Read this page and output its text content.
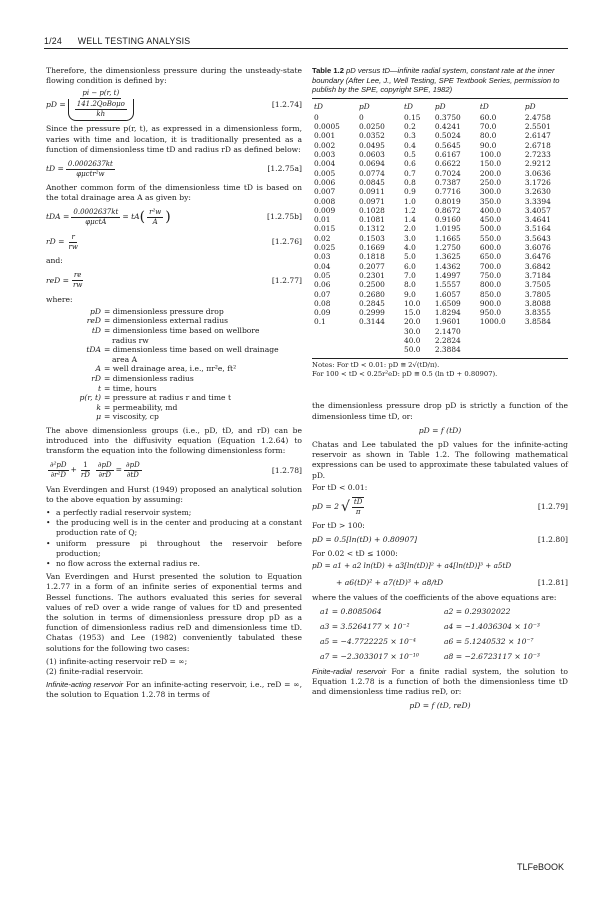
1/24 WELL TESTING ANALYSIS

Therefore, the dimensionless pressure during the unsteady-state flowing condition is defined by:

pD = $\frac{pi - p(r, t)}{\frac{\text{141.2QoBoμo}}{kh}}$	[1.2.74]

Since the pressure p(r, t), as expressed in a dimensionless form, varies with time and location, it is traditionally presented as a function of dimensionless time tD and radius rD as defined below:

tD = $\frac{0.0002637kt}{\text{φμctr²w}}$	[1.2.75a]

Another common form of the dimensionless time tD is based on the total drainage area A as given by:

tDA = $\frac{0.0002637kt}{\text{φμctA}}$ = tA ( $\frac{\text{r²w}}{A}$ )	[1.2.75b]
rD = $\frac{r}{rw}$	[1.2.76]

and:

reD = $\frac{re}{rw}$	[1.2.77]

where:

pD = dimensionless pressure drop
reD = dimensionless external radius
tD = dimensionless time based on wellbore
radius rw
tDA = dimensionless time based on well drainage
area A
A = well drainage area, i.e., πr²e, ft²
rD = dimensionless radius
t = time, hours
p(r, t) = pressure at radius r and time t
k = permeability, md
μ = viscosity, cp

The above dimensionless groups (i.e., pD, tD, and rD) can be introduced into the diffusivity equation (Equation 1.2.64) to transform the equation into the following dimensionless form:

$\frac{\text{∂²pD}}{\text{∂r²D}} + \frac{1}{rD} \frac{\partial pD}{\partial rD} = \frac{\partial pD}{\partial tD}$	[1.2.78]

Van Everdingen and Hurst (1949) proposed an analytical solution to the above equation by assuming:

• a perfectly radial reservoir system;
• the producing well is in the center and producing at a constant production rate of Q;
• uniform pressure pi throughout the reservoir before production;
• no flow across the external radius re.

Van Everdingen and Hurst presented the solution to Equation 1.2.77 in a form of an infinite series of exponential terms and Bessel functions. The authors evaluated this series for several values of reD over a wide range of values for tD and presented the solution in terms of dimensionless pressure drop pD as a function of dimensionless radius reD and dimensionless time tD. Chatas (1953) and Lee (1982) conveniently tabulated these solutions for the following two cases:

(1) infinite-acting reservoir reD = ∞;
(2) finite-radial reservoir.

Infinite-acting reservoir For an infinite-acting reservoir, i.e., reD = ∞, the solution to Equation 1.2.78 in terms of

Table 1.2 pD versus tD—infinite radial system, constant rate at the inner boundary (After Lee, J., Well Testing, SPE Textbook Series, permission to publish by the SPE, copyright SPE, 1982)
tD	pD	tD	pD	tD	pD
0	0	0.15	0.3750	60.0	2.4758
0.0005	0.0250	0.2	0.4241	70.0	2.5501
0.001	0.0352	0.3	0.5024	80.0	2.6147
0.002	0.0495	0.4	0.5645	90.0	2.6718
0.003	0.0603	0.5	0.6167	100.0	2.7233
0.004	0.0694	0.6	0.6622	150.0	2.9212
0.005	0.0774	0.7	0.7024	200.0	3.0636
0.006	0.0845	0.8	0.7387	250.0	3.1726
0.007	0.0911	0.9	0.7716	300.0	3.2630
0.008	0.0971	1.0	0.8019	350.0	3.3394
0.009	0.1028	1.2	0.8672	400.0	3.4057
0.01	0.1081	1.4	0.9160	450.0	3.4641
0.015	0.1312	2.0	1.0195	500.0	3.5164
0.02	0.1503	3.0	1.1665	550.0	3.5643
0.025	0.1669	4.0	1.2750	600.0	3.6076
0.03	0.1818	5.0	1.3625	650.0	3.6476
0.04	0.2077	6.0	1.4362	700.0	3.6842
0.05	0.2301	7.0	1.4997	750.0	3.7184
0.06	0.2500	8.0	1.5557	800.0	3.7505
0.07	0.2680	9.0	1.6057	850.0	3.7805
0.08	0.2845	10.0	1.6509	900.0	3.8088
0.09	0.2999	15.0	1.8294	950.0	3.8355
0.1	0.3144	20.0	1.9601	1000.0	3.8584
		30.0	2.1470		
		40.0	2.2824		
		50.0	2.3884		
Notes: For tD < 0.01: pD ≅ 2√(tD/π).
For 100 < tD < 0.25r²eD: pD ≅ 0.5 (ln tD + 0.80907).

the dimensionless pressure drop pD is strictly a function of the dimensionless time tD, or:

pD = f (tD)

Chatas and Lee tabulated the pD values for the infinite-acting reservoir as shown in Table 1.2. The following mathematical expressions can be used to approximate these tabulated values of pD.

For tD < 0.01:

pD = 2 √ $\frac{tD}{\pi}$	[1.2.79]

For tD > 100:

pD = 0.5[ln(tD) + 0.80907]	[1.2.80]

For 0.02 < tD ≤ 1000:

pD = a1 + a2 ln(tD) + a3[ln(tD)]² + a4[ln(tD)]³ + a5tD
+ a6(tD)² + a7(tD)³ + a8/tD	[1.2.81]

where the values of the coefficients of the above equations are:

a1 = 0.8085064	a2 = 0.29302022
a3 = 3.5264177 × 10⁻²	a4 = −1.4036304 × 10⁻³
a5 = −4.7722225 × 10⁻⁴	a6 = 5.1240532 × 10⁻⁷
a7 = −2.3033017 × 10⁻¹⁰	a8 = −2.6723117 × 10⁻³

Finite-radial reservoir For a finite radial system, the solution to Equation 1.2.78 is a function of both the dimensionless time tD and dimensionless time radius reD, or:

pD = f (tD, reD)
TLFeBOOK
